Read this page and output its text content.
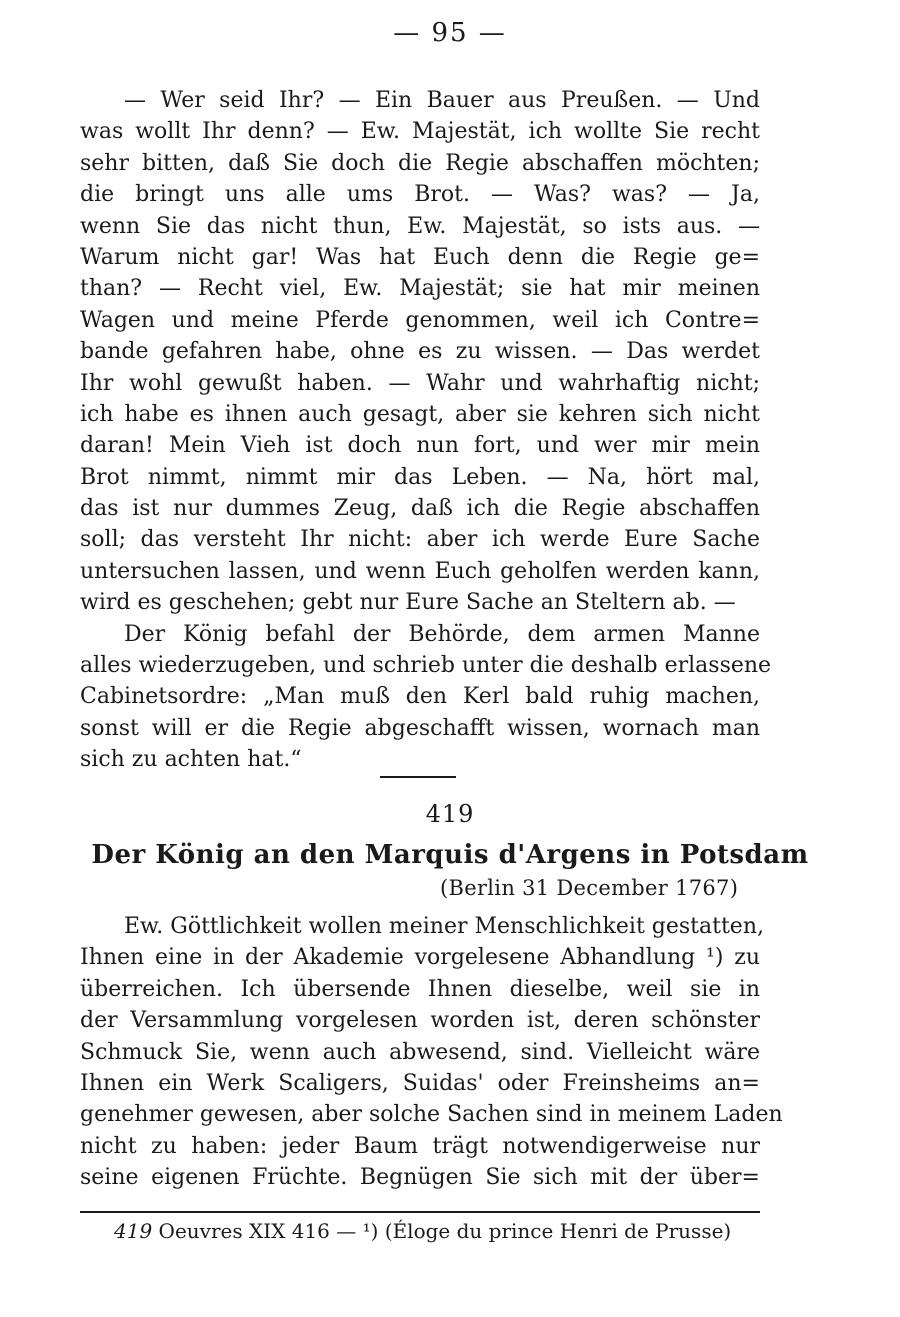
— 95 —
— Wer seid Ihr? — Ein Bauer aus Preußen. — Und
was wollt Ihr denn? — Ew. Majestät, ich wollte Sie recht
sehr bitten, daß Sie doch die Regie abschaffen möchten;
die bringt uns alle ums Brot. — Was? was? — Ja,
wenn Sie das nicht thun, Ew. Majestät, so ists aus. —
Warum nicht gar! Was hat Euch denn die Regie ge=
than? — Recht viel, Ew. Majestät; sie hat mir meinen
Wagen und meine Pferde genommen, weil ich Contre=
bande gefahren habe, ohne es zu wissen. — Das werdet
Ihr wohl gewußt haben. — Wahr und wahrhaftig nicht;
ich habe es ihnen auch gesagt, aber sie kehren sich nicht
daran! Mein Vieh ist doch nun fort, und wer mir mein
Brot nimmt, nimmt mir das Leben. — Na, hört mal,
das ist nur dummes Zeug, daß ich die Regie abschaffen
soll; das versteht Ihr nicht: aber ich werde Eure Sache
untersuchen lassen, und wenn Euch geholfen werden kann,
wird es geschehen; gebt nur Eure Sache an Steltern ab. —
Der König befahl der Behörde, dem armen Manne
alles wiederzugeben, und schrieb unter die deshalb erlassene
Cabinetsordre: „Man muß den Kerl bald ruhig machen,
sonst will er die Regie abgeschafft wissen, wornach man
sich zu achten hat.“
419
Der König an den Marquis d'Argens in Potsdam
(Berlin 31 December 1767)
Ew. Göttlichkeit wollen meiner Menschlichkeit gestatten,
Ihnen eine in der Akademie vorgelesene Abhandlung ¹) zu
überreichen. Ich übersende Ihnen dieselbe, weil sie in
der Versammlung vorgelesen worden ist, deren schönster
Schmuck Sie, wenn auch abwesend, sind. Vielleicht wäre
Ihnen ein Werk Scaligers, Suidas' oder Freinsheims an=
genehmer gewesen, aber solche Sachen sind in meinem Laden
nicht zu haben: jeder Baum trägt notwendigerweise nur
seine eigenen Früchte. Begnügen Sie sich mit der über=
419 Oeuvres XIX 416 — ¹) (Éloge du prince Henri de Prusse)
